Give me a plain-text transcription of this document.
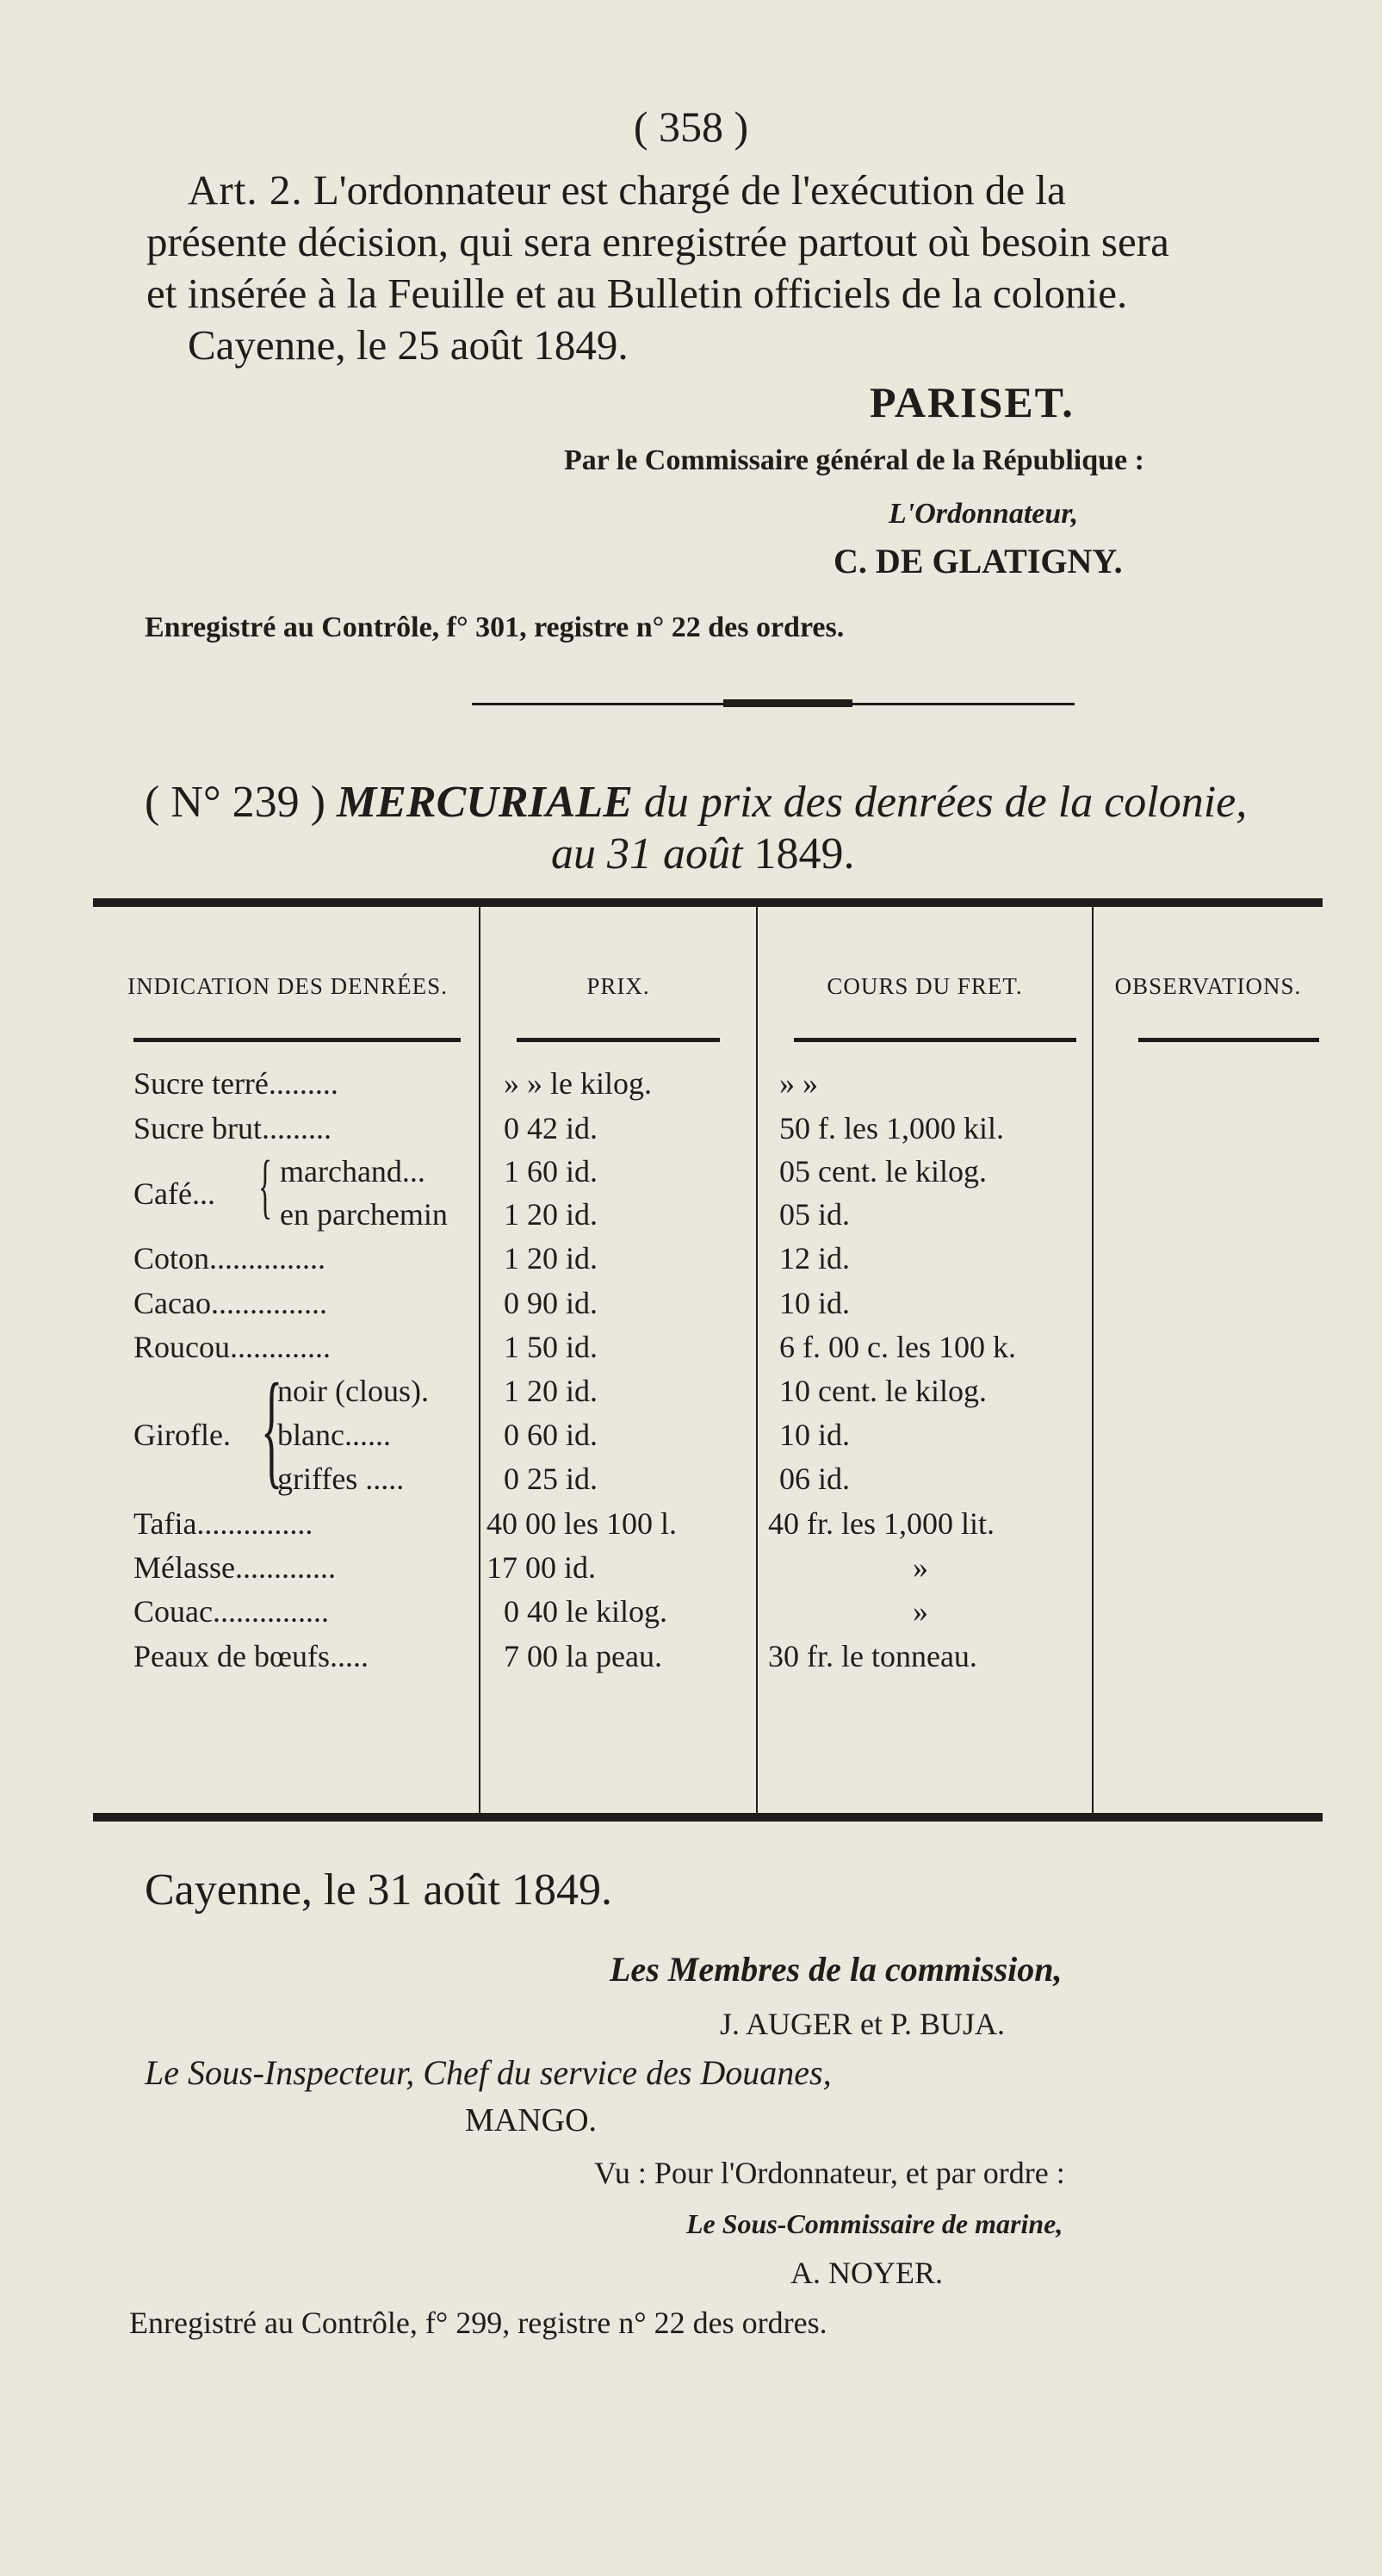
( 358 )
Art. 2. L'ordonnateur est chargé de l'exécution de la
présente décision, qui sera enregistrée partout où besoin sera
et insérée à la Feuille et au Bulletin officiels de la colonie.
Cayenne, le 25 août 1849.
PARISET.
Par le Commissaire général de la République :
L'Ordonnateur,
C. DE GLATIGNY.
Enregistré au Contrôle, f° 301, registre n° 22 des ordres.
( N° 239 ) MERCURIALE du prix des denrées de la colonie,
au 31 août 1849.
INDICATION DES DENRÉES.	PRIX.	COURS DU FRET.	OBSERVATIONS.
Sucre terré.........	» » le kilog.	» »
Sucre brut.........	0 42 id.	50 f. les 1,000 kil.
Café... { marchand...	1 60 id.	05 cent. le kilog.
en parchemin 1 20 id.	05 id.
Coton...............	1 20 id.	12 id.
Cacao...............	0 90 id.	10 id.
Roucou.............	1 50 id.	6 f. 00 c. les 100 k.
Girofle. {
noir (clous). 1 20 id.	10 cent. le kilog.
blanc......	0 60 id.	10 id.
griffes .....	0 25 id.	06 id.
Tafia...............	40 00 les 100 l.	40 fr. les 1,000 lit.
Mélasse.............	17 00 id.	»
Couac...............	0 40 le kilog.	»
Peaux de bœufs.....	7 00 la peau.	30 fr. le tonneau.
Cayenne, le 31 août 1849.
Les Membres de la commission,
J. AUGER et P. BUJA.
Le Sous-Inspecteur, Chef du service des Douanes,
MANGO.
Vu : Pour l'Ordonnateur, et par ordre :
Le Sous-Commissaire de marine,
A. NOYER.
Enregistré au Contrôle, f° 299, registre n° 22 des ordres.
